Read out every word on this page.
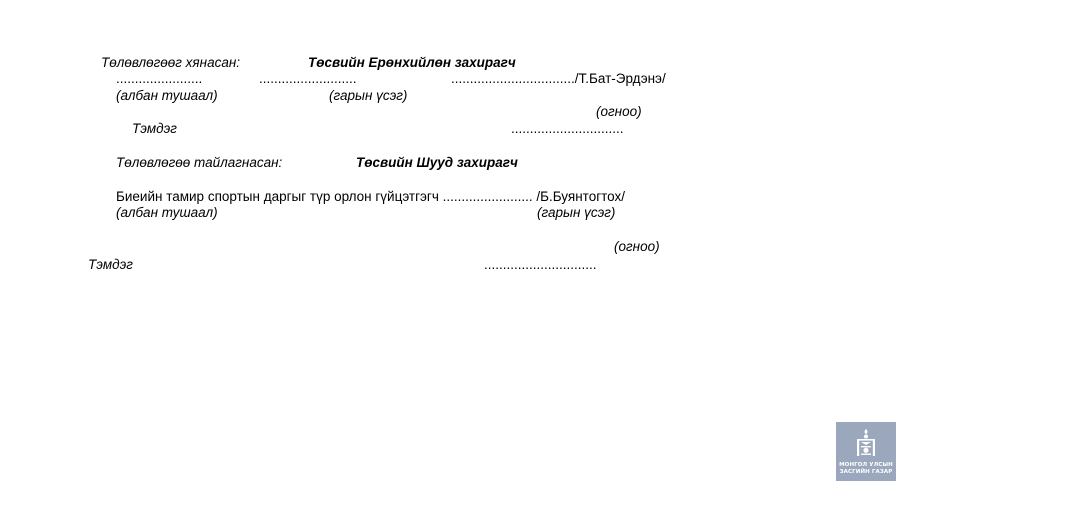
Төлөвлөгөөг хянасан:	Төсвийн Ерөнхийлөн захирагч
.......................	..........................	................................./Т.Бат-Эрдэнэ/
(албан тушаал)	(гарын үсэг)
(огноо)
Тэмдэг	..............................
Төлөвлөгөө тайлагнасан:	Төсвийн Шууд захирагч
Биеийн тамир спортын даргыг түр орлон гүйцэтгэгч ........................ /Б.Буянтогтох/
(албан тушаал)	(гарын үсэг)
(огноо)
Тэмдэг	..............................
МОНГОЛ УЛСЫН
ЗАСГИЙН ГАЗАР
